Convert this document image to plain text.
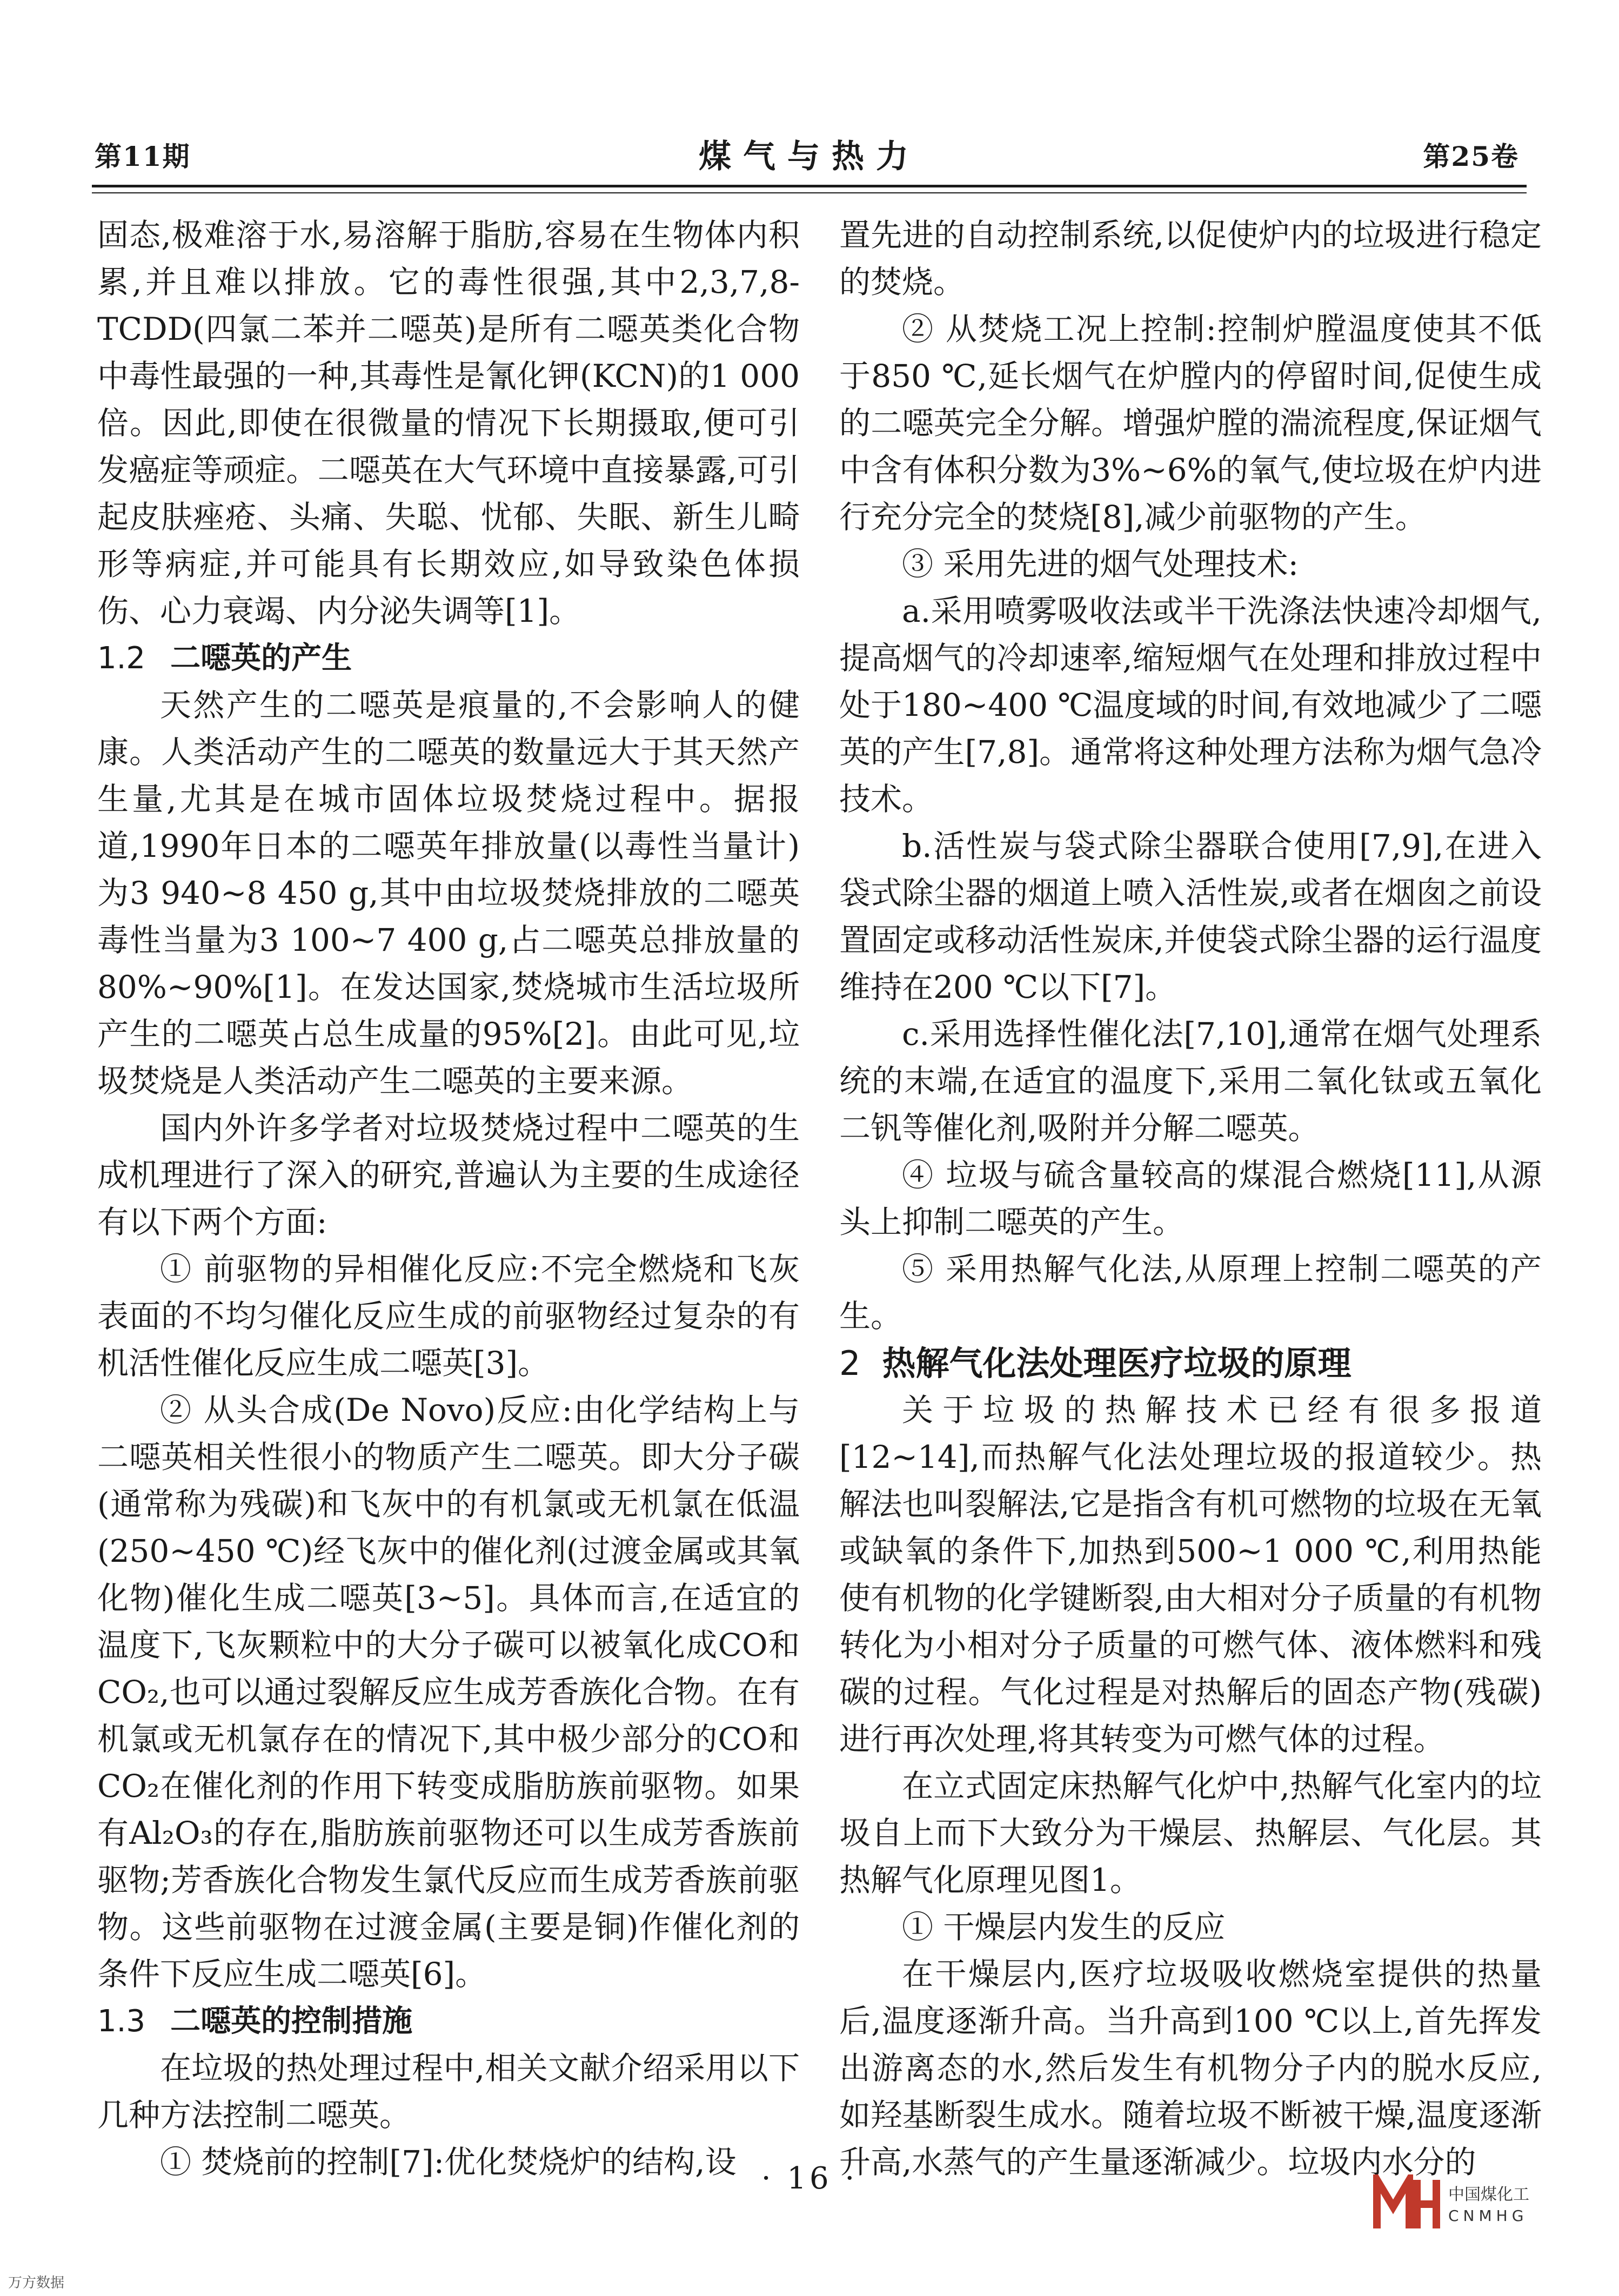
第11期	煤气与热力	第25卷

固态,极难溶于水,易溶解于脂肪,容易在生物体内积累,并且难以排放。它的毒性很强,其中2,3,7,8-TCDD(四氯二苯并二噁英)是所有二噁英类化合物中毒性最强的一种,其毒性是氰化钾(KCN)的1 000倍。因此,即使在很微量的情况下长期摄取,便可引发癌症等顽症。二噁英在大气环境中直接暴露,可引起皮肤痤疮、头痛、失聪、忧郁、失眠、新生儿畸形等病症,并可能具有长期效应,如导致染色体损伤、心力衰竭、内分泌失调等[1]。

1.2 二噁英的产生

天然产生的二噁英是痕量的,不会影响人的健康。人类活动产生的二噁英的数量远大于其天然产生量,尤其是在城市固体垃圾焚烧过程中。据报道,1990年日本的二噁英年排放量(以毒性当量计)为3 940~8 450 g,其中由垃圾焚烧排放的二噁英毒性当量为3 100~7 400 g,占二噁英总排放量的80%~90%[1]。在发达国家,焚烧城市生活垃圾所产生的二噁英占总生成量的95%[2]。由此可见,垃圾焚烧是人类活动产生二噁英的主要来源。

国内外许多学者对垃圾焚烧过程中二噁英的生成机理进行了深入的研究,普遍认为主要的生成途径有以下两个方面:

① 前驱物的异相催化反应:不完全燃烧和飞灰表面的不均匀催化反应生成的前驱物经过复杂的有机活性催化反应生成二噁英[3]。

② 从头合成(De Novo)反应:由化学结构上与二噁英相关性很小的物质产生二噁英。即大分子碳(通常称为残碳)和飞灰中的有机氯或无机氯在低温(250~450 ℃)经飞灰中的催化剂(过渡金属或其氧化物)催化生成二噁英[3~5]。具体而言,在适宜的温度下,飞灰颗粒中的大分子碳可以被氧化成CO和CO₂,也可以通过裂解反应生成芳香族化合物。在有机氯或无机氯存在的情况下,其中极少部分的CO和CO₂在催化剂的作用下转变成脂肪族前驱物。如果有Al₂O₃的存在,脂肪族前驱物还可以生成芳香族前驱物;芳香族化合物发生氯代反应而生成芳香族前驱物。这些前驱物在过渡金属(主要是铜)作催化剂的条件下反应生成二噁英[6]。

1.3 二噁英的控制措施

在垃圾的热处理过程中,相关文献介绍采用以下几种方法控制二噁英。

① 焚烧前的控制[7]:优化焚烧炉的结构,设

置先进的自动控制系统,以促使炉内的垃圾进行稳定的焚烧。

② 从焚烧工况上控制:控制炉膛温度使其不低于850 ℃,延长烟气在炉膛内的停留时间,促使生成的二噁英完全分解。增强炉膛的湍流程度,保证烟气中含有体积分数为3%~6%的氧气,使垃圾在炉内进行充分完全的焚烧[8],减少前驱物的产生。

③ 采用先进的烟气处理技术:

a.采用喷雾吸收法或半干洗涤法快速冷却烟气,提高烟气的冷却速率,缩短烟气在处理和排放过程中处于180~400 ℃温度域的时间,有效地减少了二噁英的产生[7,8]。通常将这种处理方法称为烟气急冷技术。

b.活性炭与袋式除尘器联合使用[7,9],在进入袋式除尘器的烟道上喷入活性炭,或者在烟囱之前设置固定或移动活性炭床,并使袋式除尘器的运行温度维持在200 ℃以下[7]。

c.采用选择性催化法[7,10],通常在烟气处理系统的末端,在适宜的温度下,采用二氧化钛或五氧化二钒等催化剂,吸附并分解二噁英。

④ 垃圾与硫含量较高的煤混合燃烧[11],从源头上抑制二噁英的产生。

⑤ 采用热解气化法,从原理上控制二噁英的产生。

2 热解气化法处理医疗垃圾的原理

关于垃圾的热解技术已经有很多报道[12~14],而热解气化法处理垃圾的报道较少。热解法也叫裂解法,它是指含有机可燃物的垃圾在无氧或缺氧的条件下,加热到500~1 000 ℃,利用热能使有机物的化学键断裂,由大相对分子质量的有机物转化为小相对分子质量的可燃气体、液体燃料和残碳的过程。气化过程是对热解后的固态产物(残碳)进行再次处理,将其转变为可燃气体的过程。

在立式固定床热解气化炉中,热解气化室内的垃圾自上而下大致分为干燥层、热解层、气化层。其热解气化原理见图1。

① 干燥层内发生的反应

在干燥层内,医疗垃圾吸收燃烧室提供的热量后,温度逐渐升高。当升高到100 ℃以上,首先挥发出游离态的水,然后发生有机物分子内的脱水反应,如羟基断裂生成水。随着垃圾不断被干燥,温度逐渐升高,水蒸气的产生量逐渐减少。垃圾内水分的

· 16 ·	中国煤化工
CNMHG
万方数据
